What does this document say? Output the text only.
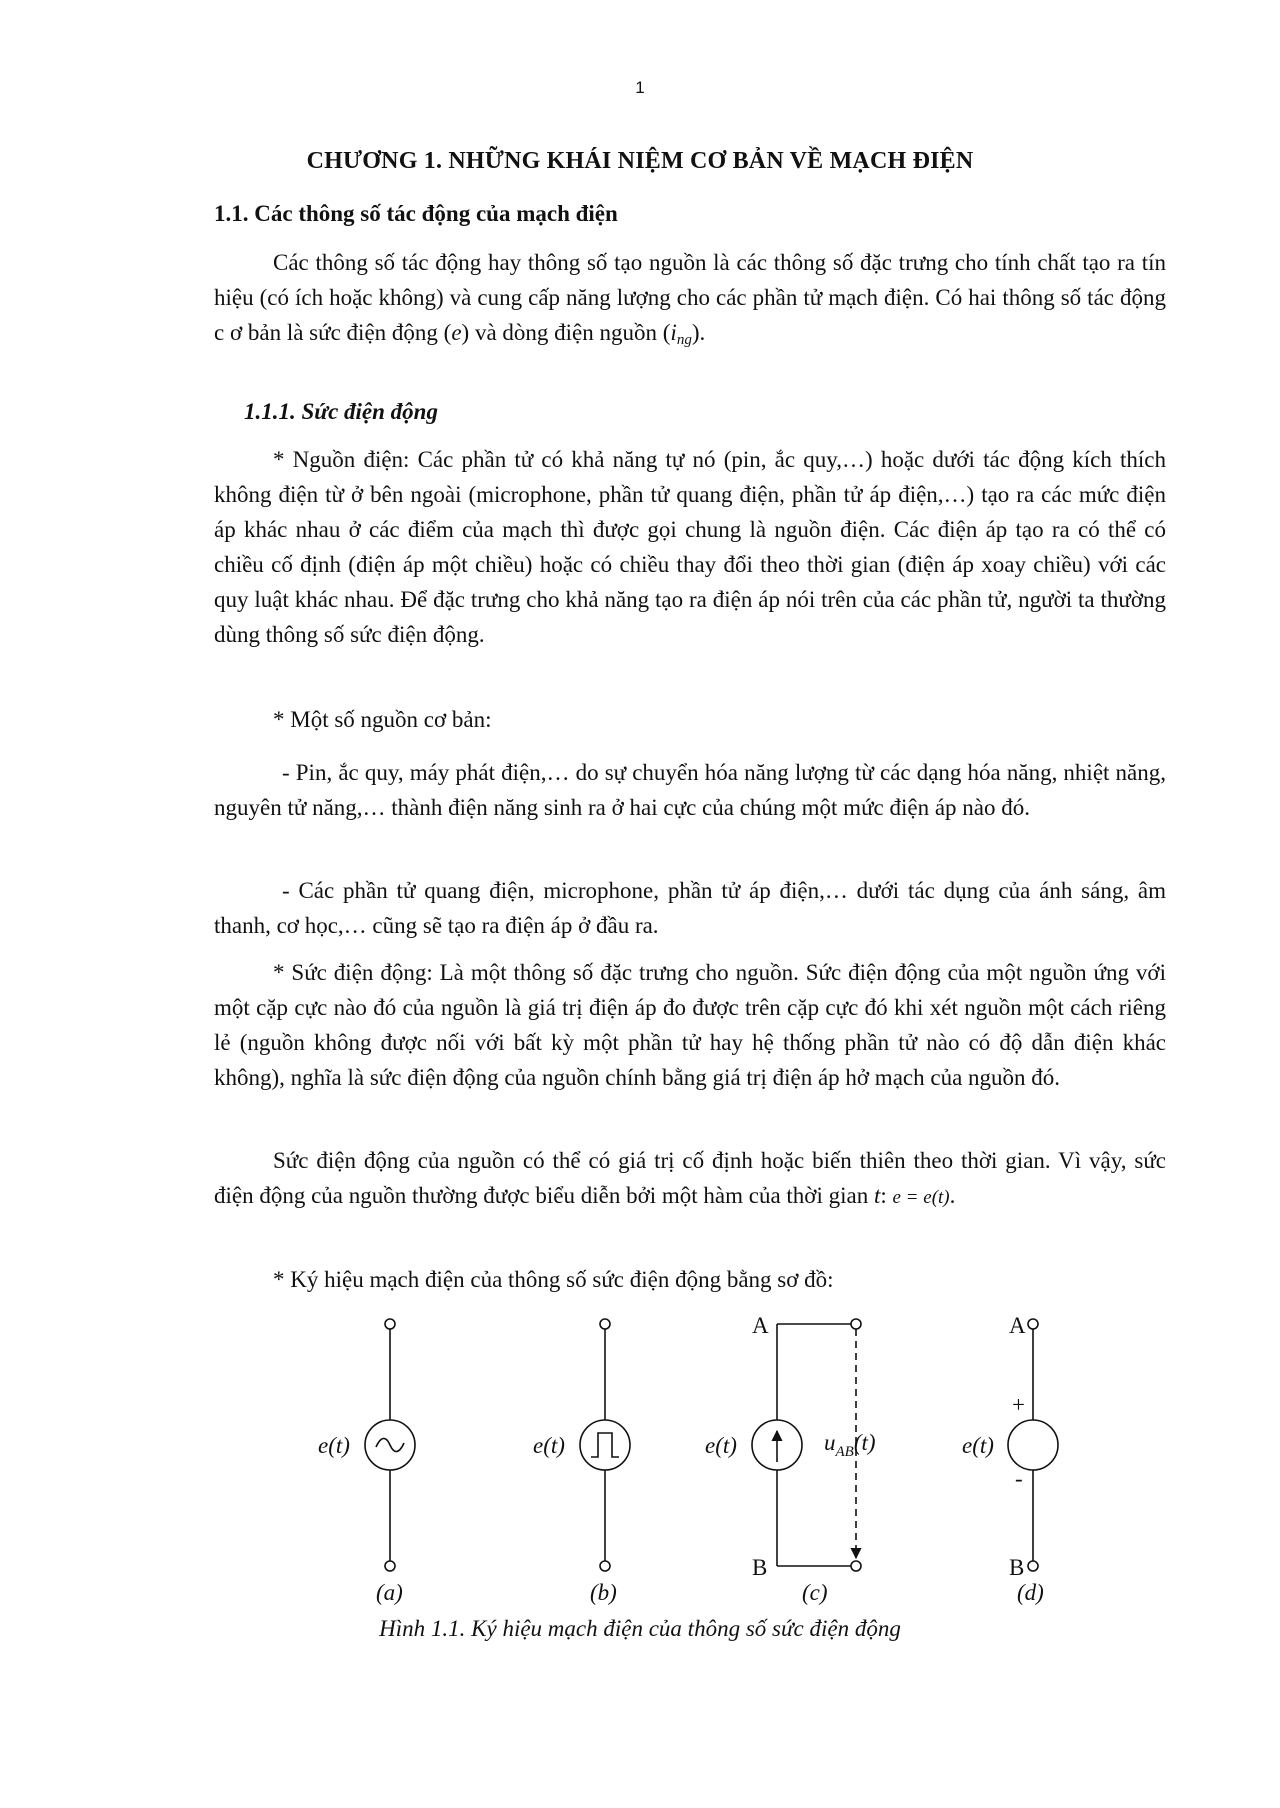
1
CHƯƠNG 1. NHỮNG KHÁI NIỆM CƠ BẢN VỀ MẠCH ĐIỆN
1.1. Các thông số tác động của mạch điện

Các thông số tác động hay thông số tạo nguồn là các thông số đặc trưng cho tính chất tạo ra tín hiệu (có ích hoặc không) và cung cấp năng lượng cho các phần tử mạch điện. Có hai thông số tác động c ơ bản là sức điện động (e) và dòng điện nguồn $(i_{ng})$.

1.1.1. Sức điện động

* Nguồn điện: Các phần tử có khả năng tự nó (pin, ắc quy,…) hoặc dưới tác động kích thích không điện từ ở bên ngoài (microphone, phần tử quang điện, phần tử áp điện,…) tạo ra các mức điện áp khác nhau ở các điểm của mạch thì được gọi chung là nguồn điện. Các điện áp tạo ra có thể có chiều cố định (điện áp một chiều) hoặc có chiều thay đổi theo thời gian (điện áp xoay chiều) với các quy luật khác nhau. Để đặc trưng cho khả năng tạo ra điện áp nói trên của các phần tử, người ta thường dùng thông số sức điện động.

* Một số nguồn cơ bản:

- Pin, ắc quy, máy phát điện,… do sự chuyển hóa năng lượng từ các dạng hóa năng, nhiệt năng, nguyên tử năng,… thành điện năng sinh ra ở hai cực của chúng một mức điện áp nào đó.

- Các phần tử quang điện, microphone, phần tử áp điện,… dưới tác dụng của ánh sáng, âm thanh, cơ học,… cũng sẽ tạo ra điện áp ở đầu ra.

* Sức điện động: Là một thông số đặc trưng cho nguồn. Sức điện động của một nguồn ứng với một cặp cực nào đó của nguồn là giá trị điện áp đo được trên cặp cực đó khi xét nguồn một cách riêng lẻ (nguồn không được nối với bất kỳ một phần tử hay hệ thống phần tử nào có độ dẫn điện khác không), nghĩa là sức điện động của nguồn chính bằng giá trị điện áp hở mạch của nguồn đó.

Sức điện động của nguồn có thể có giá trị cố định hoặc biến thiên theo thời gian. Vì vậy, sức điện động của nguồn thường được biểu diễn bởi một hàm của thời gian t: e = e(t).

* Ký hiệu mạch điện của thông số sức điện động bằng sơ đồ:

e(t)	e(t)	e(t)
A
B
$u_{AB}(t)$	e(t)
A
B
+
-
(a)	(b)	(c)	(d)
Hình 1.1. Ký hiệu mạch điện của thông số sức điện động
